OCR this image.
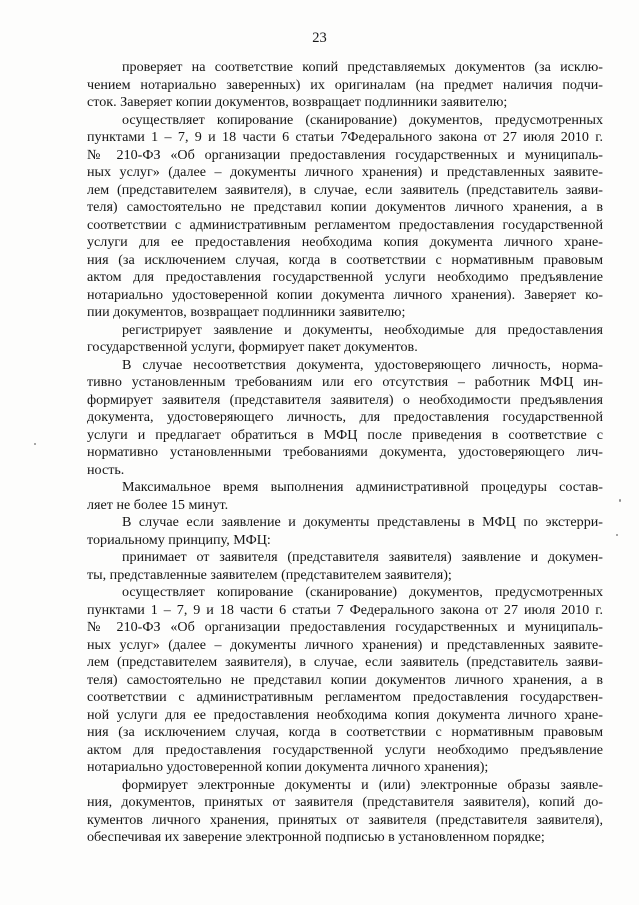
23
проверяет на соответствие копий представляемых документов (за исклю-
чением нотариально заверенных) их оригиналам (на предмет наличия подчи-
сток. Заверяет копии документов, возвращает подлинники заявителю;
осуществляет копирование (сканирование) документов, предусмотренных
пунктами 1 – 7, 9 и 18 части 6 статьи 7Федерального закона от 27 июля 2010 г.
№ 210-ФЗ «Об организации предоставления государственных и муниципаль-
ных услуг» (далее – документы личного хранения) и представленных заявите-
лем (представителем заявителя), в случае, если заявитель (представитель заяви-
теля) самостоятельно не представил копии документов личного хранения, а в
соответствии с административным регламентом предоставления государственной
услуги для ее предоставления необходима копия документа личного хране-
ния (за исключением случая, когда в соответствии с нормативным правовым
актом для предоставления государственной услуги необходимо предъявление
нотариально удостоверенной копии документа личного хранения). Заверяет ко-
пии документов, возвращает подлинники заявителю;
регистрирует заявление и документы, необходимые для предоставления
государственной услуги, формирует пакет документов.
В случае несоответствия документа, удостоверяющего личность, норма-
тивно установленным требованиям или его отсутствия – работник МФЦ ин-
формирует заявителя (представителя заявителя) о необходимости предъявления
документа, удостоверяющего личность, для предоставления государственной
услуги и предлагает обратиться в МФЦ после приведения в соответствие с
нормативно установленными требованиями документа, удостоверяющего лич-
ность.
Максимальное время выполнения административной процедуры состав-
ляет не более 15 минут.
В случае если заявление и документы представлены в МФЦ по экстерри-
ториальному принципу, МФЦ:
принимает от заявителя (представителя заявителя) заявление и докумен-
ты, представленные заявителем (представителем заявителя);
осуществляет копирование (сканирование) документов, предусмотренных
пунктами 1 – 7, 9 и 18 части 6 статьи 7 Федерального закона от 27 июля 2010 г.
№ 210-ФЗ «Об организации предоставления государственных и муниципаль-
ных услуг» (далее – документы личного хранения) и представленных заявите-
лем (представителем заявителя), в случае, если заявитель (представитель заяви-
теля) самостоятельно не представил копии документов личного хранения, а в
соответствии с административным регламентом предоставления государствен-
ной услуги для ее предоставления необходима копия документа личного хране-
ния (за исключением случая, когда в соответствии с нормативным правовым
актом для предоставления государственной услуги необходимо предъявление
нотариально удостоверенной копии документа личного хранения);
формирует электронные документы и (или) электронные образы заявле-
ния, документов, принятых от заявителя (представителя заявителя), копий до-
кументов личного хранения, принятых от заявителя (представителя заявителя),
обеспечивая их заверение электронной подписью в установленном порядке;
